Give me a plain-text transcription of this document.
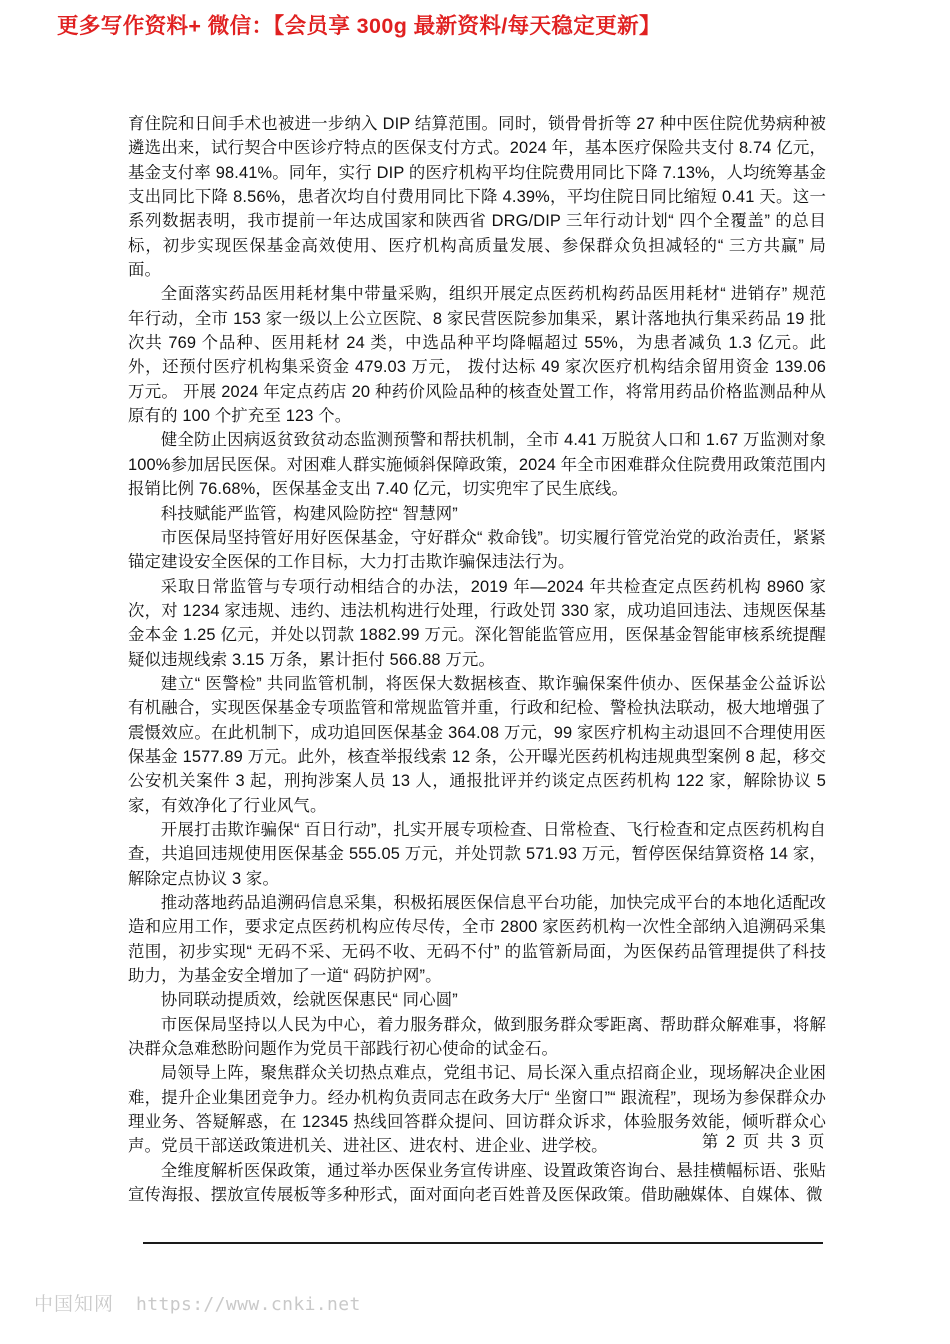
更多写作资料+ 微信：【会员享 300g 最新资料/每天稳定更新】

育住院和日间手术也被进一步纳入 DIP 结算范围。同时，锁骨骨折等 27 种中医住院优势病种被遴选出来，试行契合中医诊疗特点的医保支付方式。2024 年，基本医疗保险共支付 8.74 亿元，基金支付率 98.41%。同年，实行 DIP 的医疗机构平均住院费用同比下降 7.13%，人均统筹基金支出同比下降 8.56%，患者次均自付费用同比下降 4.39%，平均住院日同比缩短 0.41 天。这一系列数据表明，我市提前一年达成国家和陕西省 DRG/DIP 三年行动计划“ 四个全覆盖” 的总目标，初步实现医保基金高效使用、医疗机构高质量发展、参保群众负担减轻的“ 三方共赢” 局面。

全面落实药品医用耗材集中带量采购，组织开展定点医药机构药品医用耗材“ 进销存” 规范年行动，全市 153 家一级以上公立医院、8 家民营医院参加集采，累计落地执行集采药品 19 批次共 769 个品种、医用耗材 24 类，中选品种平均降幅超过 55%，为患者减负 1.3 亿元。此外，还预付医疗机构集采资金 479.03 万元， 拨付达标 49 家次医疗机构结余留用资金 139.06 万元。 开展 2024 年定点药店 20 种药价风险品种的核查处置工作，将常用药品价格监测品种从原有的 100 个扩充至 123 个。

健全防止因病返贫致贫动态监测预警和帮扶机制，全市 4.41 万脱贫人口和 1.67 万监测对象 100%参加居民医保。对困难人群实施倾斜保障政策，2024 年全市困难群众住院费用政策范围内报销比例 76.68%，医保基金支出 7.40 亿元，切实兜牢了民生底线。

科技赋能严监管，构建风险防控“ 智慧网”

市医保局坚持管好用好医保基金，守好群众“ 救命钱”。切实履行管党治党的政治责任，紧紧锚定建设安全医保的工作目标，大力打击欺诈骗保违法行为。

采取日常监管与专项行动相结合的办法，2019 年—2024 年共检查定点医药机构 8960 家次，对 1234 家违规、违约、违法机构进行处理，行政处罚 330 家，成功追回违法、违规医保基金本金 1.25 亿元，并处以罚款 1882.99 万元。深化智能监管应用，医保基金智能审核系统提醒疑似违规线索 3.15 万条，累计拒付 566.88 万元。

建立“ 医警检” 共同监管机制，将医保大数据核查、欺诈骗保案件侦办、医保基金公益诉讼有机融合，实现医保基金专项监管和常规监管并重，行政和纪检、警检执法联动，极大地增强了震慑效应。在此机制下，成功追回医保基金 364.08 万元，99 家医疗机构主动退回不合理使用医保基金 1577.89 万元。此外，核查举报线索 12 条，公开曝光医药机构违规典型案例 8 起，移交公安机关案件 3 起，刑拘涉案人员 13 人，通报批评并约谈定点医药机构 122 家，解除协议 5 家，有效净化了行业风气。

开展打击欺诈骗保“ 百日行动”，扎实开展专项检查、日常检查、飞行检查和定点医药机构自查，共追回违规使用医保基金 555.05 万元，并处罚款 571.93 万元，暂停医保结算资格 14 家，解除定点协议 3 家。

推动落地药品追溯码信息采集，积极拓展医保信息平台功能，加快完成平台的本地化适配改造和应用工作，要求定点医药机构应传尽传，全市 2800 家医药机构一次性全部纳入追溯码采集范围，初步实现“ 无码不采、无码不收、无码不付” 的监管新局面，为医保药品管理提供了科技助力，为基金安全增加了一道“ 码防护网”。

协同联动提质效，绘就医保惠民“ 同心圆”

市医保局坚持以人民为中心，着力服务群众，做到服务群众零距离、帮助群众解难事，将解决群众急难愁盼问题作为党员干部践行初心使命的试金石。

局领导上阵，聚焦群众关切热点难点，党组书记、局长深入重点招商企业，现场解决企业困难，提升企业集团竞争力。经办机构负责同志在政务大厅“ 坐窗口”“ 跟流程”，现场为参保群众办理业务、答疑解惑，在 12345 热线回答群众提问、回访群众诉求，体验服务效能，倾听群众心声。党员干部送政策进机关、进社区、进农村、进企业、进学校。

全维度解析医保政策，通过举办医保业务宣传讲座、设置政策咨询台、悬挂横幅标语、张贴宣传海报、摆放宣传展板等多种形式，面对面向老百姓普及医保政策。借助融媒体、自媒体、微

第 2 页 共 3 页
中国知网 https://www.cnki.net
